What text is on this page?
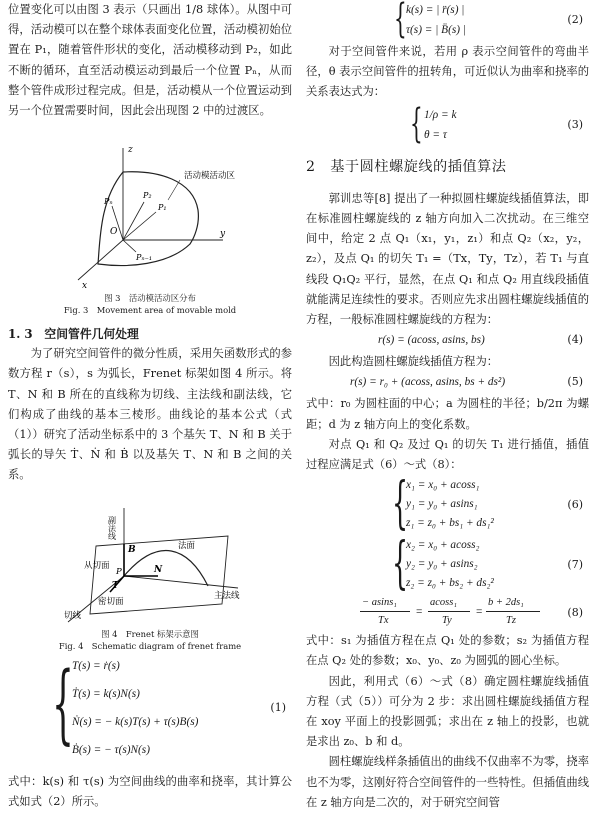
位置变化可以由图 3 表示（只画出 1/8 球体）。从图中可得，活动模可以在整个球体表面变化位置，活动模初始位置在 P₁，随着管件形状的变化，活动模移动到 P₂，如此不断的循环，直至活动模运动到最后一个位置 Pₙ，从而整个管件成形过程完成。但是，活动模从一个位置运动到另一个位置需要时间，因此会出现图 2 中的过渡区。

z
y
x
O
P₁
P₂
Pₙ
Pₙ₋₁
活动模活动区
图 3　活动模活动区分布
Fig. 3　Movement area of movable mold

1. 3　空间管件几何处理

为了研究空间管件的微分性质，采用矢函数形式的参数方程 r（s），s 为弧长，Frenet 标架如图 4 所示。将 T、N 和 B 所在的直线称为切线、主法线和副法线，它们构成了曲线的基本三棱形。曲线论的基本公式（式（1））研究了活动坐标系中的 3 个基矢 T、N 和 B 关于弧长的导矢 Ṫ、Ṅ 和 Ḃ 以及基矢 T、N 和 B 之间的关系。

副法线
法面
从切面
密切面
主法线
切线
B
N
T
P
图 4　Frenet 标架示意图
Fig. 4　Schematic diagram of frenet frame
{
T(s) = ṙ(s)
Ṫ(s) = k(s)N(s)
Ṅ(s) = − k(s)T(s) + τ(s)B(s)
Ḃ(s) = − τ(s)N(s)
(1)

式中：k(s) 和 τ(s) 为空间曲线的曲率和挠率，其计算公式如式（2）所示。

{ k(s) = | r̈(s) |
τ(s) = | B̈(s) |
(2)

对于空间管件来说，若用 ρ 表示空间管件的弯曲半径，θ 表示空间管件的扭转角，可近似认为曲率和挠率的关系表达式为：

{ 1/ρ = k
θ = τ
(3)

2　基于圆柱螺旋线的插值算法

郭训忠等[8] 提出了一种拟圆柱螺旋线插值算法，即在标准圆柱螺旋线的 z 轴方向加入二次扰动。在三维空间中，给定 2 点 Q₁（x₁，y₁，z₁）和点 Q₂（x₂，y₂，z₂），及点 Q₁ 的切矢 T₁ =（Tx，Ty，Tz），若 T₁ 与直线段 Q₁Q₂ 平行，显然，在点 Q₁ 和点 Q₂ 用直线段插值就能满足连续性的要求。否则应先求出圆柱螺旋线插值的方程，一般标准圆柱螺旋线的方程为：

r(s) = (acoss, asins, bs)	(4)

因此构造圆柱螺旋线插值方程为：

r(s) = r₀ + (acoss, asins, bs + ds²)	(5)

式中：r₀ 为圆柱面的中心；a 为圆柱的半径；b/2π 为螺距；d 为 z 轴方向上的变化系数。

对点 Q₁ 和 Q₂ 及过 Q₁ 的切矢 T₁ 进行插值，插值过程应满足式（6）～式（8）：

{
x₁ = x₀ + acoss₁
y₁ = y₀ + asins₁
z₁ = z₀ + bs₁ + ds₁²
(6)
{
x₂ = x₀ + acoss₂
y₂ = y₀ + asins₂
z₂ = z₀ + bs₂ + ds₂²
(7)
− asins₁
Tx
=
acoss₁
Ty
=
b + 2ds₁
Tz
(8)

式中：s₁ 为插值方程在点 Q₁ 处的参数；s₂ 为插值方程在点 Q₂ 处的参数；x₀、y₀、z₀ 为圆弧的圆心坐标。

因此，利用式（6）～式（8）确定圆柱螺旋线插值方程（式（5））可分为 2 步：求出圆柱螺旋线插值方程在 xoy 平面上的投影圆弧；求出在 z 轴上的投影，也就是求出 z₀、b 和 d。

圆柱螺旋线样条插值出的曲线不仅曲率不为零，挠率也不为零，这刚好符合空间管件的一些特性。但插值曲线在 z 轴方向是二次的，对于研究空间管
